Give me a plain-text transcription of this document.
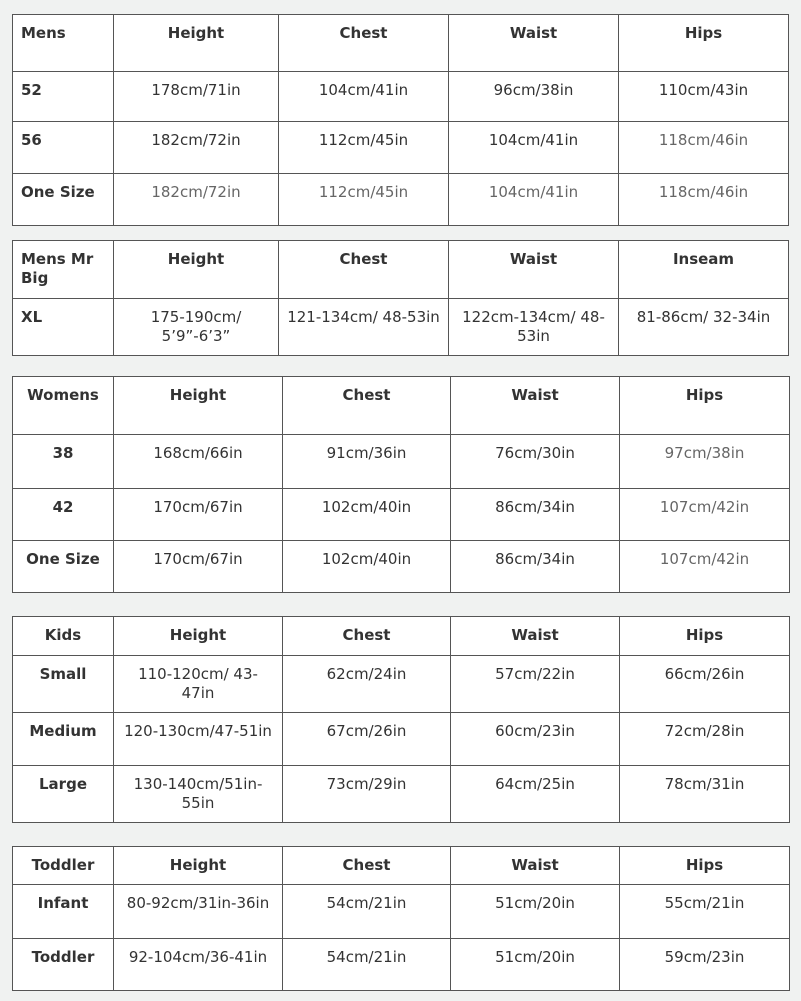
Mens	Height	Chest	Waist	Hips
52	178cm/71in	104cm/41in	96cm/38in	110cm/43in
56	182cm/72in	112cm/45in	104cm/41in	118cm/46in
One Size	182cm/72in	112cm/45in	104cm/41in	118cm/46in
Mens Mr Big	Height	Chest	Waist	Inseam
XL	175-190cm/ 5’9”-6’3”	121-134cm/ 48-53in	122cm-134cm/ 48-53in	81-86cm/ 32-34in
Womens	Height	Chest	Waist	Hips
38	168cm/66in	91cm/36in	76cm/30in	97cm/38in
42	170cm/67in	102cm/40in	86cm/34in	107cm/42in
One Size	170cm/67in	102cm/40in	86cm/34in	107cm/42in
Kids	Height	Chest	Waist	Hips
Small	110-120cm/ 43-47in	62cm/24in	57cm/22in	66cm/26in
Medium	120-130cm/47-51in	67cm/26in	60cm/23in	72cm/28in
Large	130-140cm/51in-55in	73cm/29in	64cm/25in	78cm/31in
Toddler	Height	Chest	Waist	Hips
Infant	80-92cm/31in-36in	54cm/21in	51cm/20in	55cm/21in
Toddler	92-104cm/36-41in	54cm/21in	51cm/20in	59cm/23in
